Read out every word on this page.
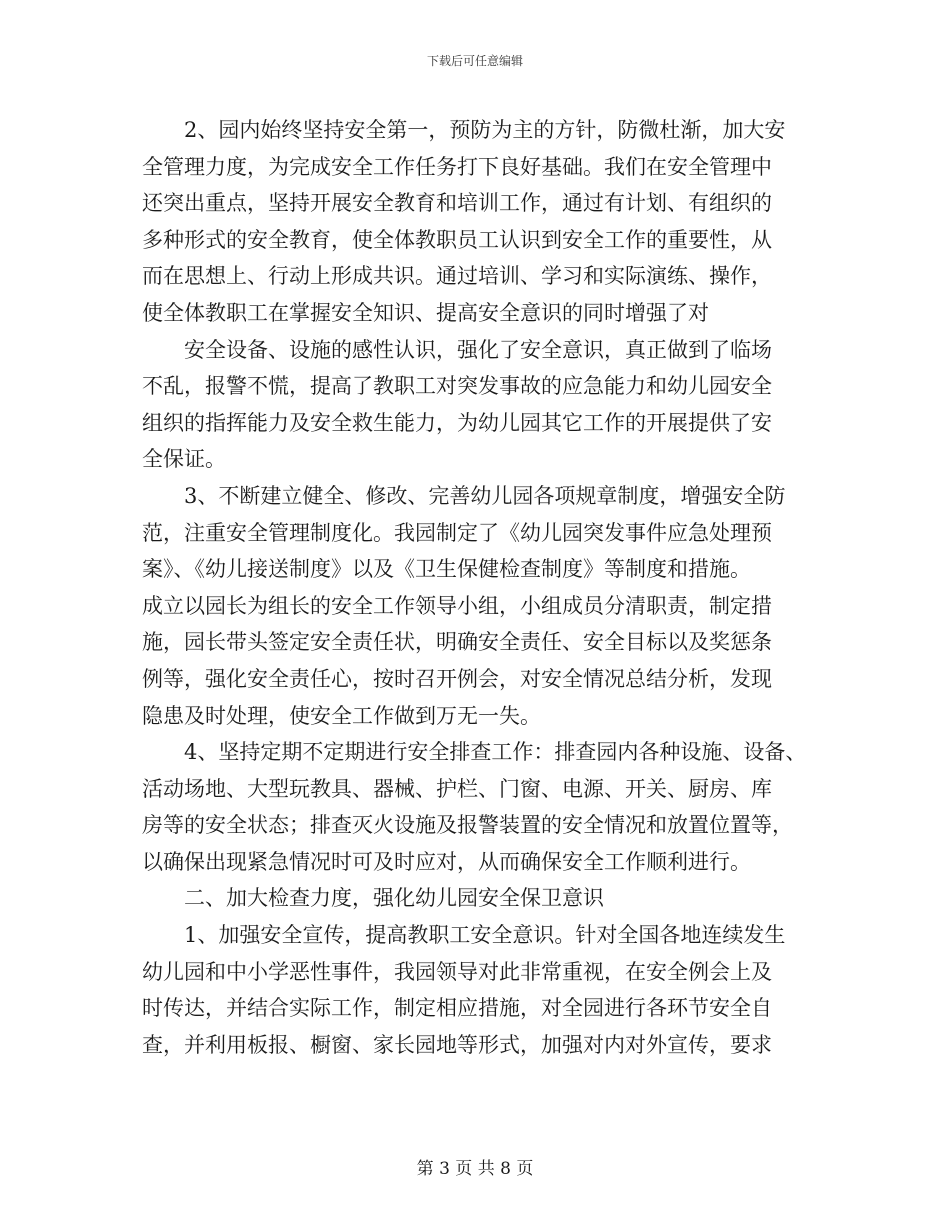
下载后可任意编辑
2、园内始终坚持安全第一，预防为主的方针，防微杜渐，加大安
全管理力度，为完成安全工作任务打下良好基础。我们在安全管理中
还突出重点，坚持开展安全教育和培训工作，通过有计划、有组织的
多种形式的安全教育，使全体教职员工认识到安全工作的重要性，从
而在思想上、行动上形成共识。通过培训、学习和实际演练、操作，
使全体教职工在掌握安全知识、提高安全意识的同时增强了对
安全设备、设施的感性认识，强化了安全意识，真正做到了临场
不乱，报警不慌，提高了教职工对突发事故的应急能力和幼儿园安全
组织的指挥能力及安全救生能力，为幼儿园其它工作的开展提供了安
全保证。
3、不断建立健全、修改、完善幼儿园各项规章制度，增强安全防
范，注重安全管理制度化。我园制定了《幼儿园突发事件应急处理预
案》、《幼儿接送制度》以及《卫生保健检查制度》等制度和措施。
成立以园长为组长的安全工作领导小组，小组成员分清职责，制定措
施，园长带头签定安全责任状，明确安全责任、安全目标以及奖惩条
例等，强化安全责任心，按时召开例会，对安全情况总结分析，发现
隐患及时处理，使安全工作做到万无一失。
4、坚持定期不定期进行安全排查工作：排查园内各种设施、设备、
活动场地、大型玩教具、器械、护栏、门窗、电源、开关、厨房、库
房等的安全状态；排查灭火设施及报警装置的安全情况和放置位置等，
以确保出现紧急情况时可及时应对，从而确保安全工作顺利进行。
二、加大检查力度，强化幼儿园安全保卫意识
1、加强安全宣传，提高教职工安全意识。针对全国各地连续发生
幼儿园和中小学恶性事件，我园领导对此非常重视，在安全例会上及
时传达，并结合实际工作，制定相应措施，对全园进行各环节安全自
查，并利用板报、橱窗、家长园地等形式，加强对内对外宣传，要求
第 3 页 共 8 页
